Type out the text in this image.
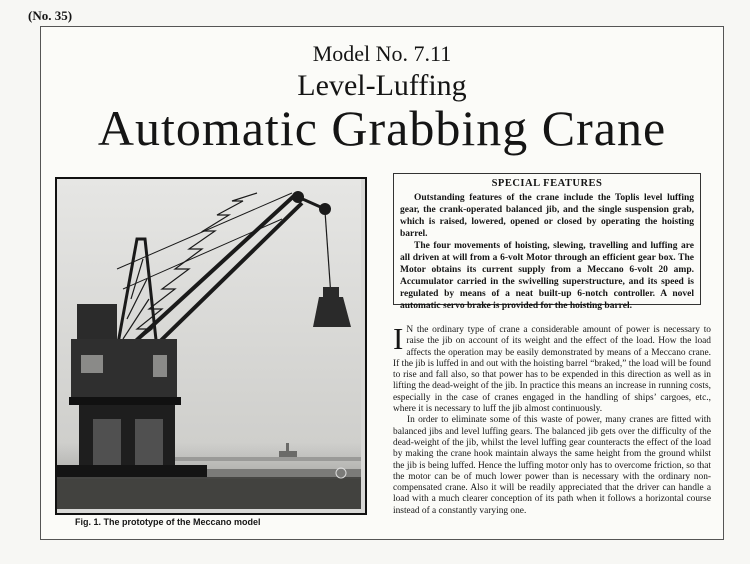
(No. 35)
Model No. 7.11
Level-Luffing
Automatic Grabbing Crane
Fig. 1. The prototype of the Meccano model
SPECIAL FEATURES

Outstanding features of the crane include the Toplis level luffing gear, the crank-operated balanced jib, and the single suspension grab, which is raised, lowered, opened or closed by operating the hoisting barrel.

The four movements of hoisting, slewing, travelling and luffing are all driven at will from a 6-volt Motor through an efficient gear box. The Motor obtains its current supply from a Meccano 6-volt 20 amp. Accumulator carried in the swivelling superstructure, and its speed is regulated by means of a neat built-up 6-notch controller. A novel automatic servo brake is provided for the hoisting barrel.

I N the ordinary type of crane a considerable amount of power is necessary to raise the jib on account of its weight and the effect of the load. How the load affects the operation may be easily demonstrated by means of a Meccano crane. If the jib is luffed in and out with the hoisting barrel “braked,” the load will be found to rise and fall also, so that power has to be expended in this direction as well as in lifting the dead-weight of the jib. In practice this means an increase in running costs, especially in the case of cranes engaged in the handling of ships’ cargoes, etc., where it is necessary to luff the jib almost continuously.

In order to eliminate some of this waste of power, many cranes are fitted with balanced jibs and level luffing gears. The balanced jib gets over the difficulty of the dead-weight of the jib, whilst the level luffing gear counteracts the effect of the load by making the crane hook maintain always the same height from the ground whilst the jib is being luffed. Hence the luffing motor only has to overcome friction, so that the motor can be of much lower power than is necessary with the ordinary non-compensated crane. Also it will be readily appreciated that the driver can handle a load with a much clearer conception of its path when it follows a horizontal course instead of a constantly varying one.
